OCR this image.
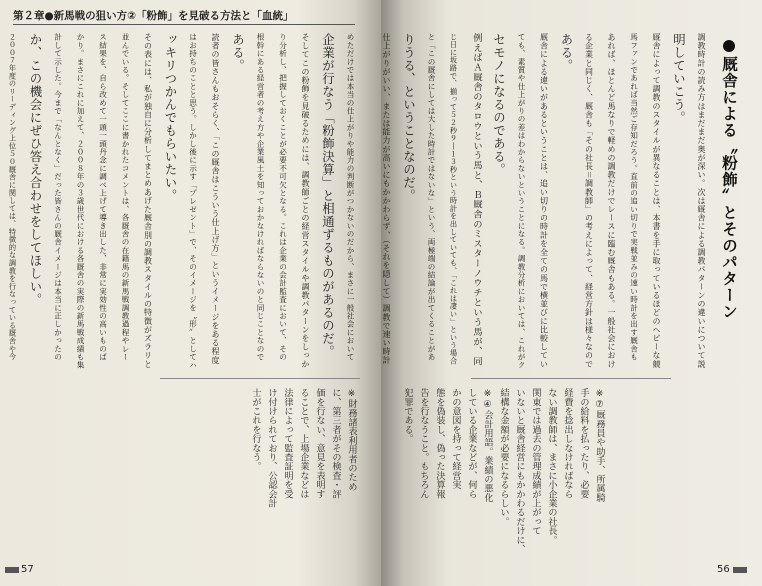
第２章●新馬戦の狙い方②「粉飾」を見破る方法と「血統」

めただけでは本当の仕上がりや能力の判断がつかないのだから、まさに一般社会において

企業が行なう「粉飾決算」と相通ずるものがあるのだ。

そしてこの粉飾を見破るためには、調教師ごとの経営スタイルや調教パターンをしっか

り分析し、把握しておくことが必要不可欠となる。これは企業の会計監査において、その

根幹にある経営者の考え方や企業風土を知っておかなければならないのと同じことなので

ある。

読者の皆さんもおそらく、「この厩舎はこういう仕上げ方」というイメージをある程度

はお持ちのことと思う。しかし後に示す「プレゼント」で、そのイメージを〝形〟としてハ

ッキリつかんでもらいたい。

その表には、私が独自に分析してまとめあげた厩舎別の調教スタイルの特徴がズラリと

並んでいる。そしてここに書かれたコメントは、各厩舎の在籍馬の新馬戦調教過程やレー

ス結果を、自ら改めて一頭一頭丹念に調べ上げて導き出した、非常に実効性の高いものば

かり。まさにこれに加えて、２００８年の３歳世代における各厩舎の実際の新馬戦成績も集

計して示した。今まで「なんとなく」だった皆さんの厩舎イメージは本当に正しかったの

か、この機会にぜひ答え合わせをしてほしい。

２００７年度のリーディング上位５０厩舎に関しては、特徴的な調教を行なっている厩舎や今

※財務諸表利用者のため

に、第三者がその検査・評

価を行ない、意見を表明す

ることで、上場企業などは

法律によって監査証明を受

け付けられており、公認会計

士がこれを行なう。

57
厩舎による〝粉飾〟とそのパターン

調教時計の読み方はまだまだ奥が深い。次は厩舎による調教パターンの違いについて説

明していこう。

厩舎によって調教のスタイルが異なることは、本書を手に取っているほどのヘビーな競

馬ファンであれば当然ご存知だろう。直前の追い切りで実戦並みの速い時計を出す厩舎も

あれば、ほとんど馬なりで軽めの調教だけでレースに臨む厩舎もある。一般社会におけ

る企業と同じく、厩舎も「その社長＝調教師」の考えによって、経営方針は様々なので

ある。

厩舎による違いがあるということは、追い切りの時計を全ての馬で横並びに比較してい

ても、素質や仕上がりの差はわからないということになる。調教分析においては、これがク

セモノになるのである。

例えばＡ厩舎のタロウという馬と、Ｂ厩舎のミスターノウチという馬が、同

じ日に坂路で、揃って５２秒９―１３秒という時計を出していても、「これは凄い」という場合

と「この厩舎にしては大した時計ではないな」という、両極端の結論が出てくることがあ

りうる、ということなのだ。

仕上がりがいい、または能力が高いにもかかわらず、（それを隠して）調教で速い時計

※⑦厩務員や助手、所属騎

手の給料を払ったり、必要

経費を捻出しなければなら

ない調教師は、まさに小企業の社長。

関東では過去の管理成績が上がって

いないと厩舎経営にもかかわるだけに、

結構な金額が必要になるらしい。

※④会計用語。業績の悪化

している企業などが、何ら

かの意図を持って経営実

態を偽装し、偽った決算報

告を行なうこと。もちろん

犯罪である。

56
